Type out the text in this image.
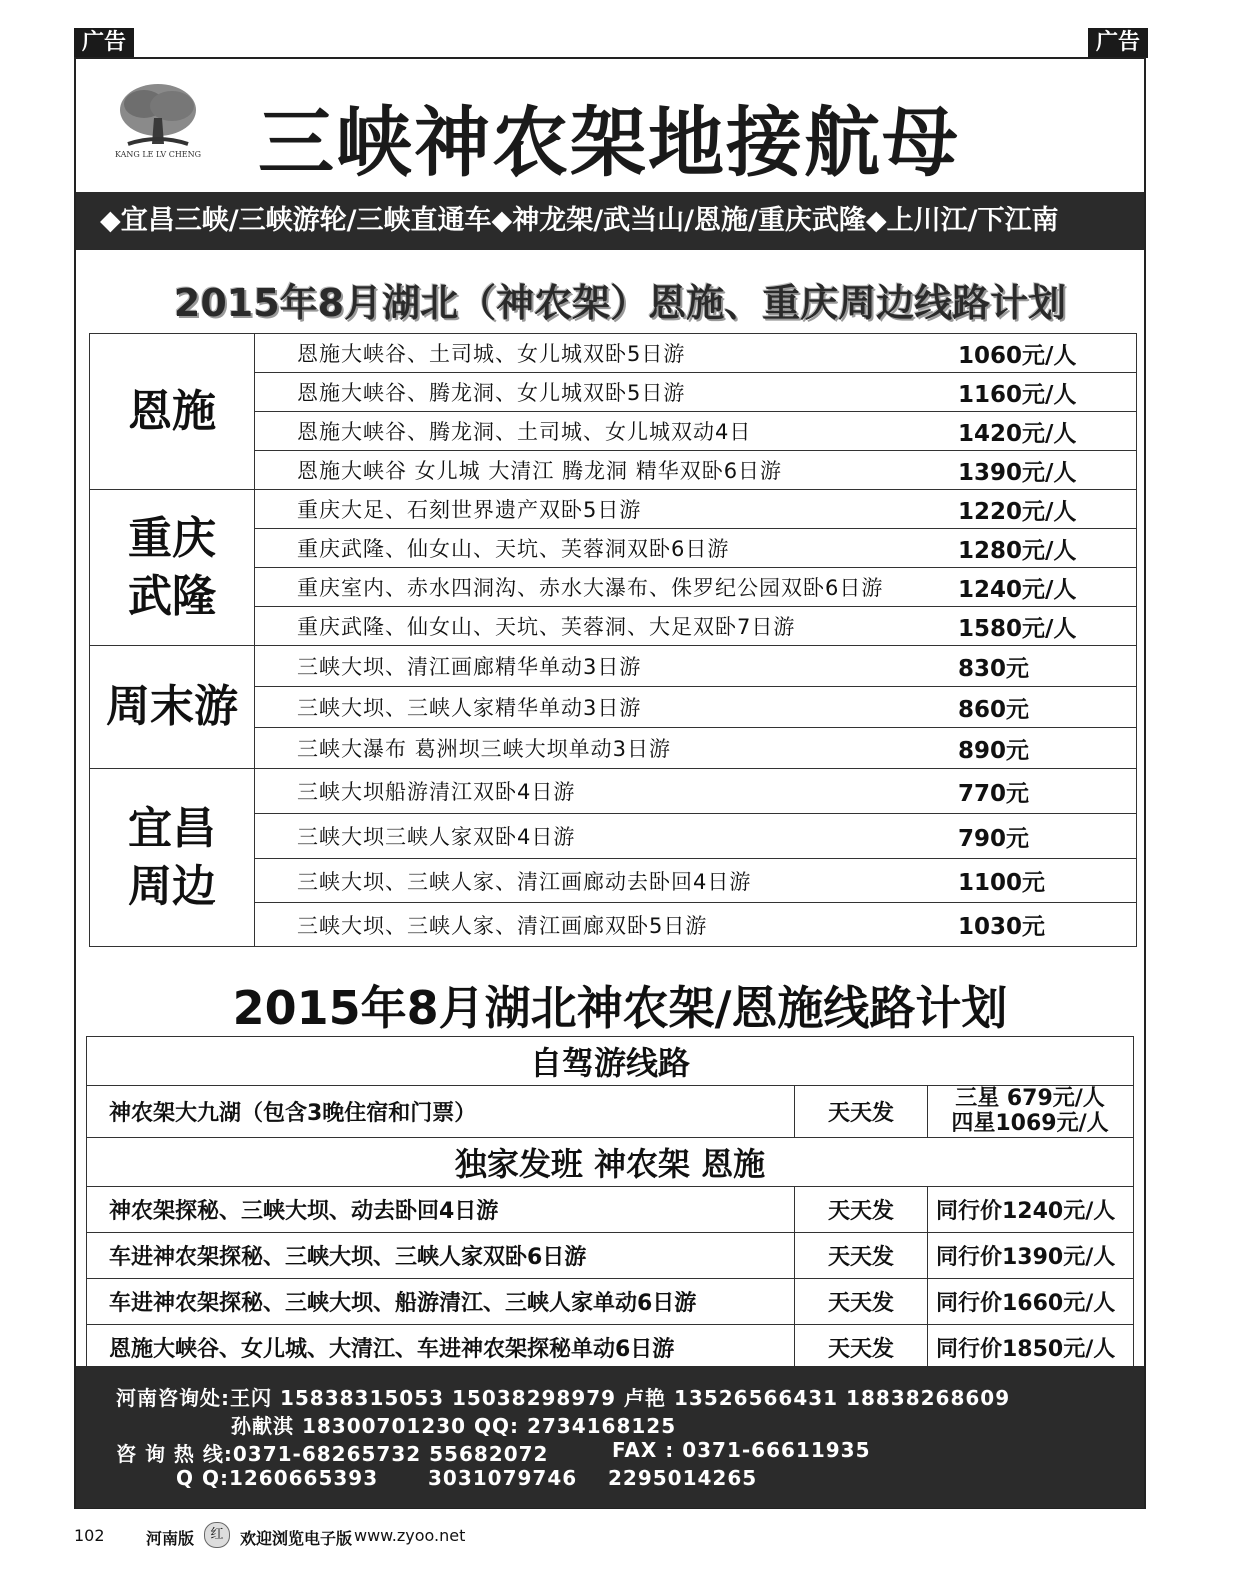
广告	广告
KANG LE LV CHENG 三峡神农架地接航母
◆宜昌三峡/三峡游轮/三峡直通车◆神龙架/武当山/恩施/重庆武隆◆上川江/下江南
2015年8月湖北（神农架）恩施、重庆周边线路计划
恩施	恩施大峡谷、土司城、女儿城双卧5日游	1060元/人
	恩施大峡谷、腾龙洞、女儿城双卧5日游	1160元/人
	恩施大峡谷、腾龙洞、土司城、女儿城双动4日	1420元/人
	恩施大峡谷 女儿城 大清江 腾龙洞 精华双卧6日游	1390元/人

重庆武隆	重庆大足、石刻世界遗产双卧5日游	1220元/人
	重庆武隆、仙女山、天坑、芙蓉洞双卧6日游	1280元/人
	重庆室内、赤水四洞沟、赤水大瀑布、侏罗纪公园双卧6日游	1240元/人
	重庆武隆、仙女山、天坑、芙蓉洞、大足双卧7日游	1580元/人
周末游	三峡大坝、清江画廊精华单动3日游	830元
	三峡大坝、三峡人家精华单动3日游	860元
	三峡大瀑布 葛洲坝三峡大坝单动3日游	890元

宜昌周边	三峡大坝船游清江双卧4日游	770元
	三峡大坝三峡人家双卧4日游	790元
	三峡大坝、三峡人家、清江画廊动去卧回4日游	1100元
	三峡大坝、三峡人家、清江画廊双卧5日游	1030元
2015年8月湖北神农架/恩施线路计划
自驾游线路		
神农架大九湖（包含3晚住宿和门票）	天天发	三星 679元/人
四星1069元/人

独家发班 神农架 恩施		
神农架探秘、三峡大坝、动去卧回4日游	天天发	同行价1240元/人
车进神农架探秘、三峡大坝、三峡人家双卧6日游	天天发	同行价1390元/人
车进神农架探秘、三峡大坝、船游清江、三峡人家单动6日游	天天发	同行价1660元/人
恩施大峡谷、女儿城、大清江、车进神农架探秘单动6日游	天天发	同行价1850元/人
河南咨询处:王闪 15838315053 15038298979 卢艳 13526566431 18838268609
孙献淇 18300701230 QQ: 2734168125
咨 询 热 线:0371-68265732 55682072	FAX : 0371-66611935
Q Q:1260665393 3031079746 2295014265
102	河南版	红	欢迎浏览电子版 www.zyoo.net
